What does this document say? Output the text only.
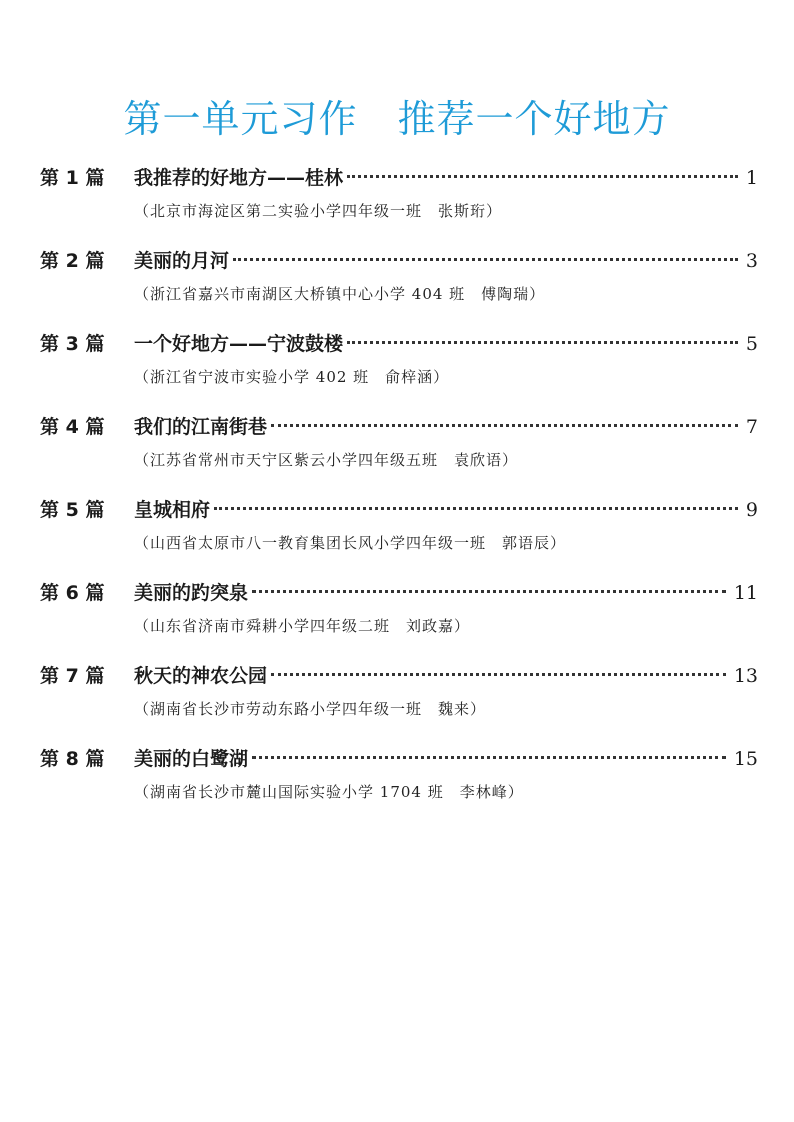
第一单元习作 推荐一个好地方
第 1 篇	我推荐的好地方——桂林	1
（北京市海淀区第二实验小学四年级一班　张斯珩）
第 2 篇	美丽的月河	3
（浙江省嘉兴市南湖区大桥镇中心小学 404 班　傅陶瑞）
第 3 篇	一个好地方——宁波鼓楼	5
（浙江省宁波市实验小学 402 班　俞梓涵）
第 4 篇	我们的江南街巷	7
（江苏省常州市天宁区紫云小学四年级五班　袁欣语）
第 5 篇	皇城相府	9
（山西省太原市八一教育集团长风小学四年级一班　郭语辰）
第 6 篇	美丽的趵突泉	11
（山东省济南市舜耕小学四年级二班　刘政嘉）
第 7 篇	秋天的神农公园	13
（湖南省长沙市劳动东路小学四年级一班　魏来）
第 8 篇	美丽的白鹭湖	15
（湖南省长沙市麓山国际实验小学 1704 班　李林峰）
